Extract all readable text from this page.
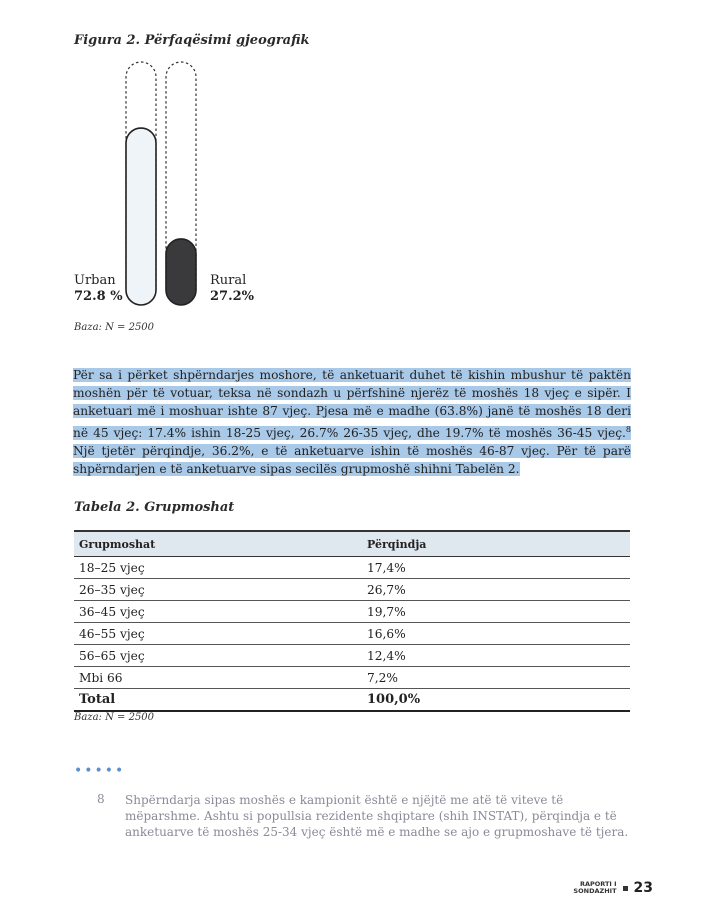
Figura 2. Përfaqësimi gjeografik
Urban
72.8 %
Rural
27.2%
Baza: N = 2500
Për sa i përket shpërndarjes moshore, të anketuarit duhet të kishin mbushur të paktën moshën për të votuar, teksa në sondazh u përfshinë njerëz të moshës 18 vjeç e sipër. I anketuari më i moshuar ishte 87 vjeç. Pjesa më e madhe (63.8%) janë të moshës 18 deri në 45 vjeç: 17.4% ishin 18-25 vjeç, 26.7% 26-35 vjeç, dhe 19.7% të moshës 36-45 vjeç.$^8$ Një tjetër përqindje, 36.2%, e të anketuarve ishin të moshës 46-87 vjeç. Për të parë shpërndarjen e të anketuarve sipas secilës grupmoshë shihni Tabelën 2.
Tabela 2. Grupmoshat
Grupmoshat	Përqindja
18–25 vjeç	17,4%
26–35 vjeç	26,7%
36–45 vjeç	19,7%
46–55 vjeç	16,6%
56–65 vjeç	12,4%
Mbi 66	7,2%
Total	100,0%
Baza: N = 2500
•••••
8 Shpërndarja sipas moshës e kampionit është e njëjtë me atë të viteve të mëparshme. Ashtu si popullsia rezidente shqiptare (shih INSTAT), përqindja e të anketuarve të moshës 25-34 vjeç është më e madhe se ajo e grupmoshave të tjera.
RAPORTI I
SONDAZHIT 23
